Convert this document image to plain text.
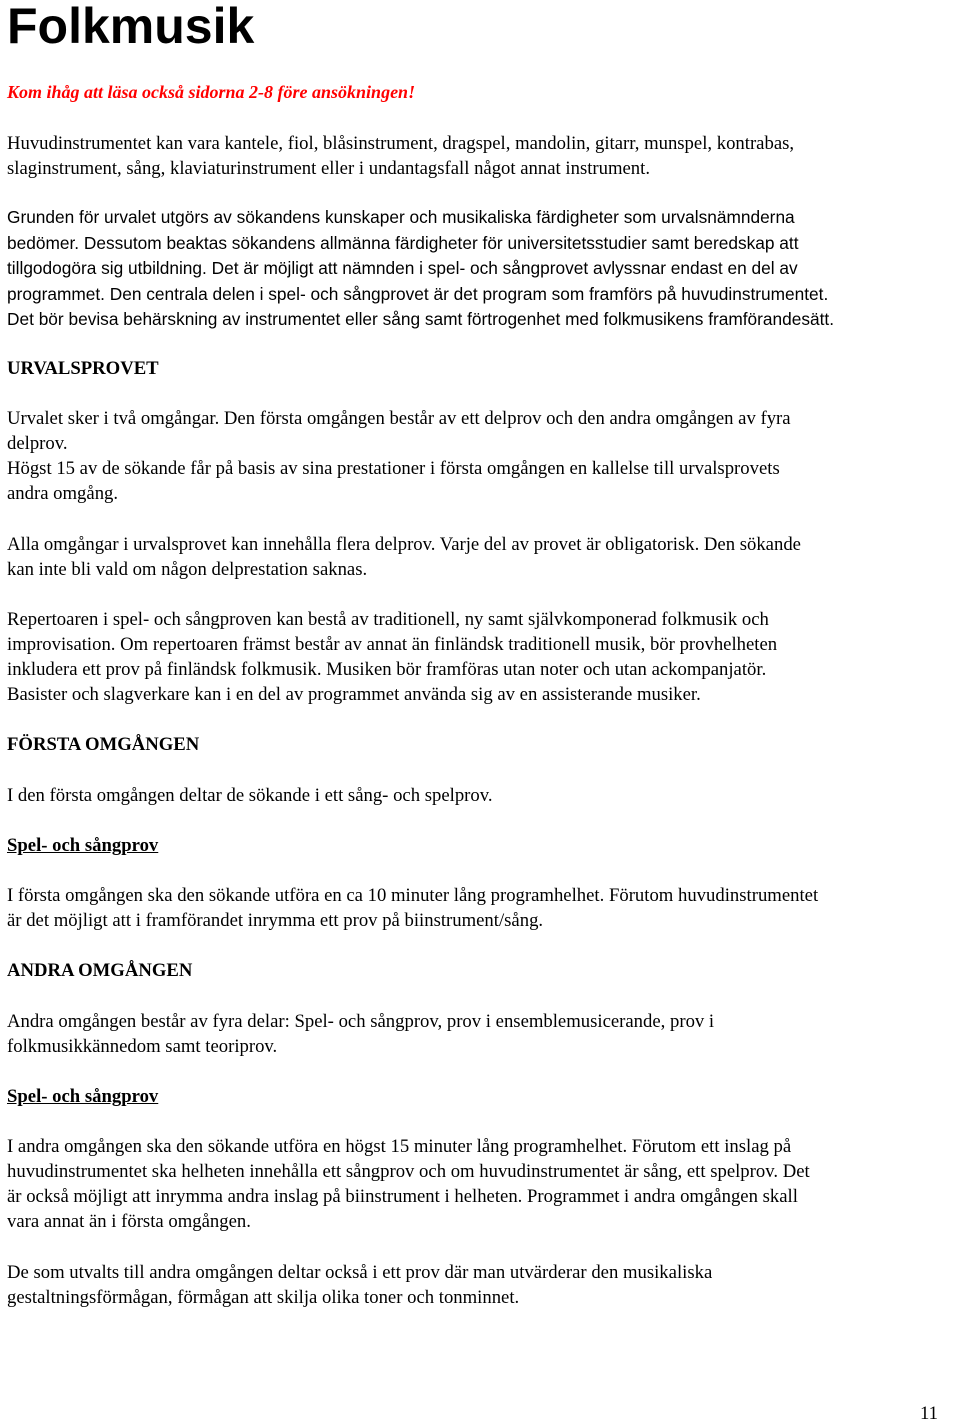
Folkmusik

Kom ihåg att läsa också sidorna 2-8 före ansökningen!

Huvudinstrumentet kan vara kantele, fiol, blåsinstrument, dragspel, mandolin, gitarr, munspel, kontrabas,
slaginstrument, sång, klaviaturinstrument eller i undantagsfall något annat instrument.

Grunden för urvalet utgörs av sökandens kunskaper och musikaliska färdigheter som urvalsnämnderna
bedömer. Dessutom beaktas sökandens allmänna färdigheter för universitetsstudier samt beredskap att
tillgodogöra sig utbildning. Det är möjligt att nämnden i spel- och sångprovet avlyssnar endast en del av
programmet. Den centrala delen i spel- och sångprovet är det program som framförs på huvudinstrumentet.
Det bör bevisa behärskning av instrumentet eller sång samt förtrogenhet med folkmusikens framförandesätt.

URVALSPROVET

Urvalet sker i två omgångar. Den första omgången består av ett delprov och den andra omgången av fyra
delprov.
Högst 15 av de sökande får på basis av sina prestationer i första omgången en kallelse till urvalsprovets
andra omgång.

Alla omgångar i urvalsprovet kan innehålla flera delprov. Varje del av provet är obligatorisk. Den sökande
kan inte bli vald om någon delprestation saknas.

Repertoaren i spel- och sångproven kan bestå av traditionell, ny samt självkomponerad folkmusik och
improvisation. Om repertoaren främst består av annat än finländsk traditionell musik, bör provhelheten
inkludera ett prov på finländsk folkmusik. Musiken bör framföras utan noter och utan ackompanjatör.
Basister och slagverkare kan i en del av programmet använda sig av en assisterande musiker.

FÖRSTA OMGÅNGEN

I den första omgången deltar de sökande i ett sång- och spelprov.

Spel- och sångprov

I första omgången ska den sökande utföra en ca 10 minuter lång programhelhet. Förutom huvudinstrumentet
är det möjligt att i framförandet inrymma ett prov på biinstrument/sång.

ANDRA OMGÅNGEN

Andra omgången består av fyra delar: Spel- och sångprov, prov i ensemblemusicerande, prov i
folkmusikkännedom samt teoriprov.

Spel- och sångprov

I andra omgången ska den sökande utföra en högst 15 minuter lång programhelhet. Förutom ett inslag på
huvudinstrumentet ska helheten innehålla ett sångprov och om huvudinstrumentet är sång, ett spelprov. Det
är också möjligt att inrymma andra inslag på biinstrument i helheten. Programmet i andra omgången skall
vara annat än i första omgången.

De som utvalts till andra omgången deltar också i ett prov där man utvärderar den musikaliska
gestaltningsförmågan, förmågan att skilja olika toner och tonminnet.

11
